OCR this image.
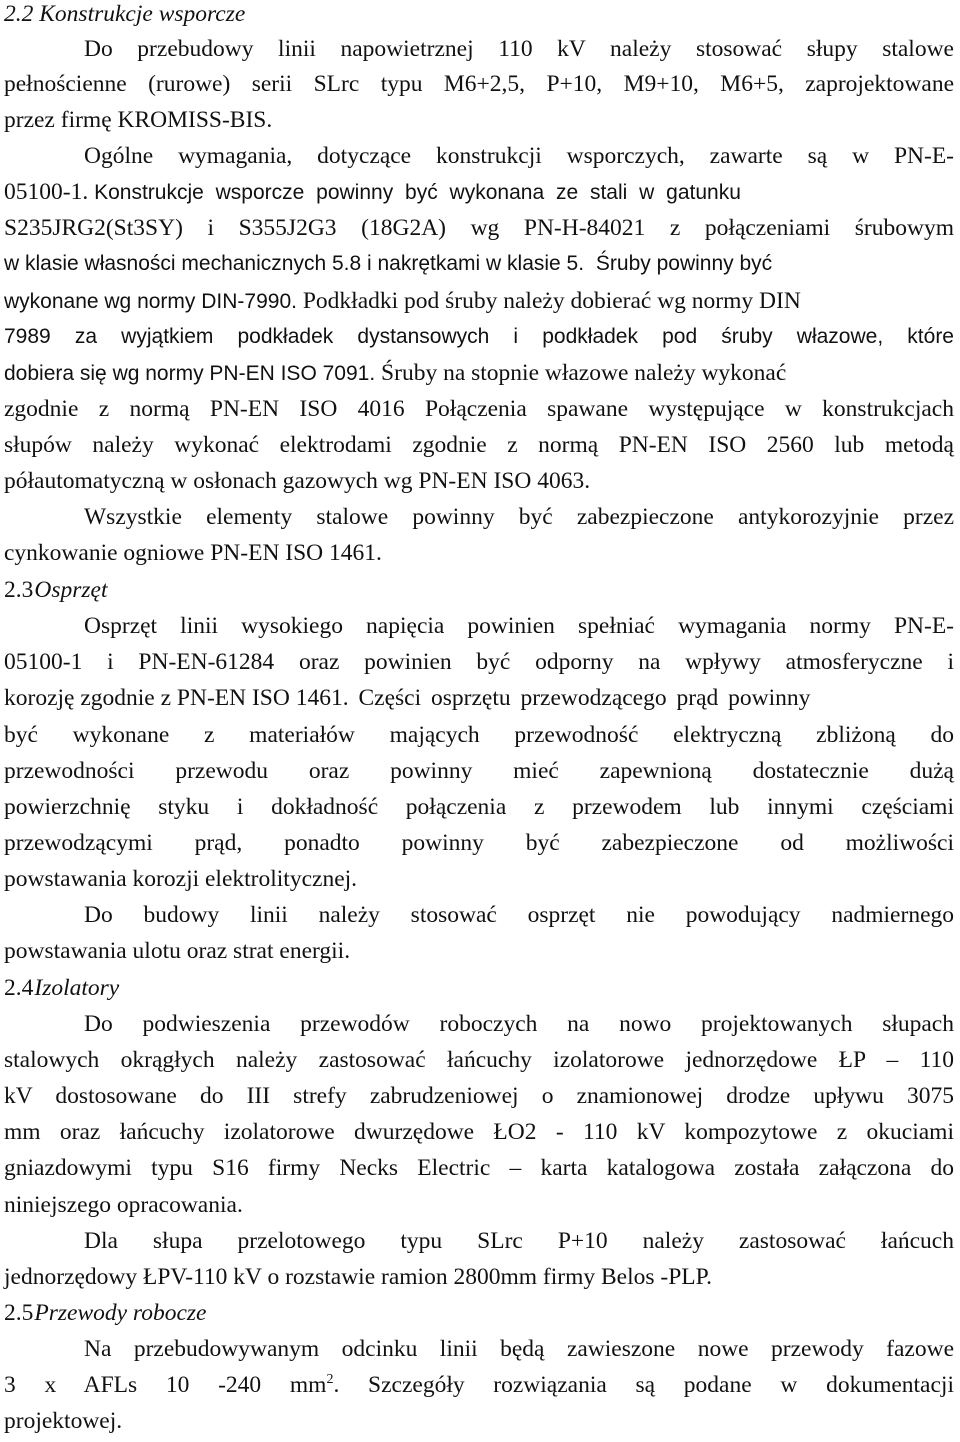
2.2 Konstrukcje wsporcze
Do przebudowy linii napowietrznej 110 kV należy stosować słupy stalowe
pełnościenne (rurowe) serii SLrc typu M6+2,5, P+10, M9+10, M6+5, zaprojektowane
przez firmę KROMISS-BIS.
Ogólne wymagania, dotyczące konstrukcji wsporczych, zawarte są w PN-E-
05100-1. Konstrukcje wsporcze powinny być wykonana ze stali w gatunku
S235JRG2(St3SY) i S355J2G3 (18G2A) wg PN-H-84021 z połączeniami śrubowym
w klasie własności mechanicznych 5.8 i nakrętkami w klasie 5. Śruby powinny być
wykonane wg normy DIN-7990. Podkładki pod śruby należy dobierać wg normy DIN
7989 za wyjątkiem podkładek dystansowych i podkładek pod śruby włazowe, które
dobiera się wg normy PN-EN ISO 7091. Śruby na stopnie włazowe należy wykonać
zgodnie z normą PN-EN ISO 4016 Połączenia spawane występujące w konstrukcjach
słupów należy wykonać elektrodami zgodnie z normą PN-EN ISO 2560 lub metodą
półautomatyczną w osłonach gazowych wg PN-EN ISO 4063.
Wszystkie elementy stalowe powinny być zabezpieczone antykorozyjnie przez
cynkowanie ogniowe PN-EN ISO 1461.
2.3Osprzęt
Osprzęt linii wysokiego napięcia powinien spełniać wymagania normy PN-E-
05100-1 i PN-EN-61284 oraz powinien być odporny na wpływy atmosferyczne i
korozję zgodnie z PN-EN ISO 1461. Części osprzętu przewodzącego prąd powinny
być wykonane z materiałów mających przewodność elektryczną zbliżoną do
przewodności przewodu oraz powinny mieć zapewnioną dostatecznie dużą
powierzchnię styku i dokładność połączenia z przewodem lub innymi częściami
przewodzącymi prąd, ponadto powinny być zabezpieczone od możliwości
powstawania korozji elektrolitycznej.
Do budowy linii należy stosować osprzęt nie powodujący nadmiernego
powstawania ulotu oraz strat energii.
2.4Izolatory
Do podwieszenia przewodów roboczych na nowo projektowanych słupach
stalowych okrągłych należy zastosować łańcuchy izolatorowe jednorzędowe ŁP – 110
kV dostosowane do III strefy zabrudzeniowej o znamionowej drodze upływu 3075
mm oraz łańcuchy izolatorowe dwurzędowe ŁO2 - 110 kV kompozytowe z okuciami
gniazdowymi typu S16 firmy Necks Electric – karta katalogowa została załączona do
niniejszego opracowania.
Dla słupa przelotowego typu SLrc P+10 należy zastosować łańcuch
jednorzędowy ŁPV-110 kV o rozstawie ramion 2800mm firmy Belos -PLP.
2.5Przewody robocze
Na przebudowywanym odcinku linii będą zawieszone nowe przewody fazowe
3 x AFLs 10 -240 $mm^2$. Szczegóły rozwiązania są podane w dokumentacji
projektowej.
